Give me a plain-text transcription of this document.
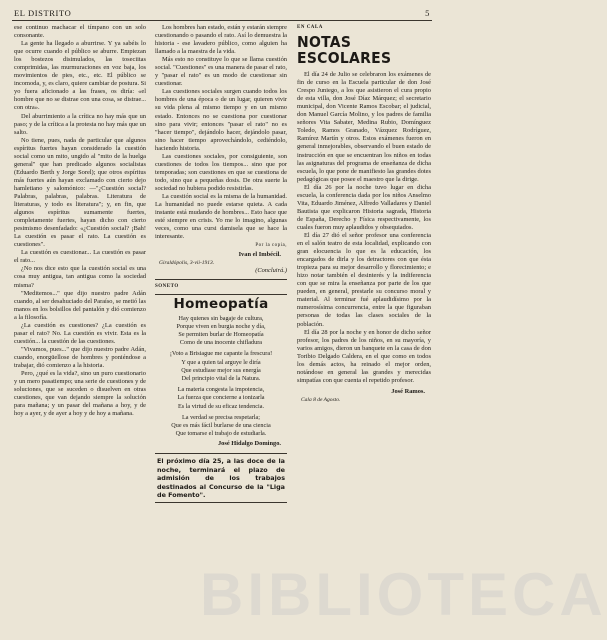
EL DISTRITO	5

ese continuo machacar el tímpano con un solo consonante.

La gente ha llegado a aburrirse. Y ya sabéis lo que ocurre cuando el público se aburre. Empiezan los bostezos disimulados, las toseciitas comprimidas, las murmuraciones en voz baja, los movimientos de pies, etc., etc. El público se incomoda, y, es claro, quiere cambiar de postura. Si yo fuera aficionado a las frases, os diría: «el hombre que no se distrae con una cosa, se distrae... con otra».

Del aburrimiento a la crítica no hay más que un paso; y de la crítica a la protesta no hay más que un salto.

No tiene, pues, nada de particular que algunos espíritus fuertes hayan considerado la cuestión social como un mito, ungido al "mito de la huelga general" que han predicado algunos socialistas (Eduardo Berth y Jorge Sorel); que otros espíritus más fuertes aún hayan exclamado con cierto dejo hamletiano y salomónico: —"¿Cuestión social? Palabras, palabras, palabras. Literatura de literaturas, y todo es literatura"; y, en fin, que algunos espíritus sumamente fuertes, completamente fuertes, hayan dicho con cierto pesimismo desenfadado: «¿Cuestión social? ¡Bah! La cuestión es pasar el rato. La cuestión es cuestiones".

La cuestión es cuestionar... La cuestión es pasar el rato...

¿No nos dice esto que la cuestión social es una cosa muy antigua, tan antigua como la sociedad misma?

"Meditemos..." que dijo nuestro padre Adán cuando, al ser desahuciado del Paraíso, se metió las manos en los bolsillos del pantalón y dió comienzo a la filosofía.

¿La cuestión es cuestiones? ¿La cuestión es pasar el rato? No. La cuestión es vivir. Esta es la cuestión... la cuestión de las cuestiones.

"Vivamos, pues..." que dijo nuestro padre Adán, cuando, enorgüellose de hombres y poniéndose a trabajar, dió comienzo a la historia.

Pero, ¿qué es la vida?, sino un puro cuestionario y un mero pasatiempo; una serie de cuestiones y de soluciones, que se suceden o disuelven en otras cuestiones, que van dejando siempre la solución para mañana; y un pasar del mañana a hoy, y de hoy a ayer, y de ayer a hoy y de hoy a mañana.

Los hombres han estado, están y estarán siempre cuestionando o pasando el rato. Así lo demuestra la historia - ese lavadero público, como alguien ha llamado a la maestra de la vida.

Más esto no constituye lo que se llama cuestión social. "Cuestiones" es una manera de pasar el rato, y "pasar el rato" es un modo de cuestionar sin cuestionar.

Las cuestiones sociales surgen cuando todos los hombres de una época o de un lugar, quieren vivir su vida plena al mismo tiempo y en un mismo estado. Entonces no se cuestiona por cuestionar sino para vivir; entonces "pasar el rato" no es "hacer tiempo", dejándolo hacer, dejándolo pasar, sino hacer tiempo aprovechándolo, cediéndolo, haciendo historia.

Las cuestiones sociales, por consiguiente, son cuestiones de todos los tiempos... sino que por temporadas; son cuestiones en que se cuestiona de todo, sino que a pequeñas dosis. De otra suerte la sociedad no hubiera podido resistirlas.

La cuestión social es la misma de la humanidad. La humanidad no puede estarse quieta. A cada instante está mudando de hombres... Esto hace que esté siempre en crisis. Yo me lo imagino, algunas veces, como una cursi damisela que se hace la interesante.

Por la copia,

Ivan el Imbécil.

Giraldópolis, 3-vii-1913.

(Concluirá.)

SONETO

Homeopatía

Hay quienes sin bagaje de cultura,

Porque viven en burgia noche y día,

Se permiten burlar de Homeopatía

Como de una inocente chifladura

¡Voto a Brisiague me capante la frescura!

Y que a quien tal arguye le diría

Que estudiase mejor sus energía

Del principio vital de la Natura.

La materia congesta la impotencia,

La fuerza que concierne a ionizarla

Es la virtud de su eficaz tendencia.

La verdad se precisa respetarla;

Que es más fácil burlarse de una ciencia

Que tomarse el trabajo de estudiarla.

José Hidalgo Domingo.

El próximo día 25, a las doce de la noche, terminará el plazo de admisión de los trabajos destinados al Concurso de la "Liga de Fomento".

EN CALA

NOTAS ESCOLARES

El día 24 de Julio se celebraron los exámenes de fin de curso en la Escuela particular de don José Crespo Juniego, a los que asistieron el cura propio de esta villa, don José Díaz Márquez; el secretario municipal, don Vicente Ramos Escobar; el judicial, don Manuel García Molino, y los padres de familia señores Vita Sabater, Medina Rubio, Domínguez Toledo, Ramos Granado, Vázquez Rodríguez, Ramírez Martín y otros. Estos exámenes fueron en general inmejorables, observando el buen estado de instrucción en que se encuentran los niños en todas las asignaturas del programa de enseñanza de dicha escuela, lo que pone de manifiesto las grandes dotes pedagógicas que posee el maestro que la dirige.

El día 26 por la noche tuvo lugar en dicha escuela, la conferencia dada por los niños Anselmo Vita, Eduardo Jiménez, Alfredo Valladares y Daniel Bautista que explicaron Historia sagrada, Historia de España, Derecho y Física respectivamente, los cuales fueron muy aplaudidos y obsequiados.

El día 27 dió el señor profesor una conferencia en el salón teatro de esta localidad, explicando con gran elocuencia lo que es la educación, los encargados de dirla y los detractores con que ésta tropieza para su mejor desarrollo y florecimiento; e hizo notar también el desinterés y la indiferencia con que se mira la enseñanza por parte de los que pueden, en general, prestarle su concurso moral y material. Al terminar fué aplaudidísimo por la numerosísima concurrencia, entre la que figuraban personas de todas las clases sociales de la población.

El día 28 por la noche y en honor de dicho señor profesor, los padres de los niños, en su mayoría, y varios amigos, dieron un banquete en la casa de don Toribio Delgado Caldera, en el que como en todos los demás actos, ha reinado el mejor orden, notándose en general las grandes y merecidas simpatías con que cuenta el repetido profesor.

José Ramos.

Cala 8 de Agosto.

BIBLIOTECA
